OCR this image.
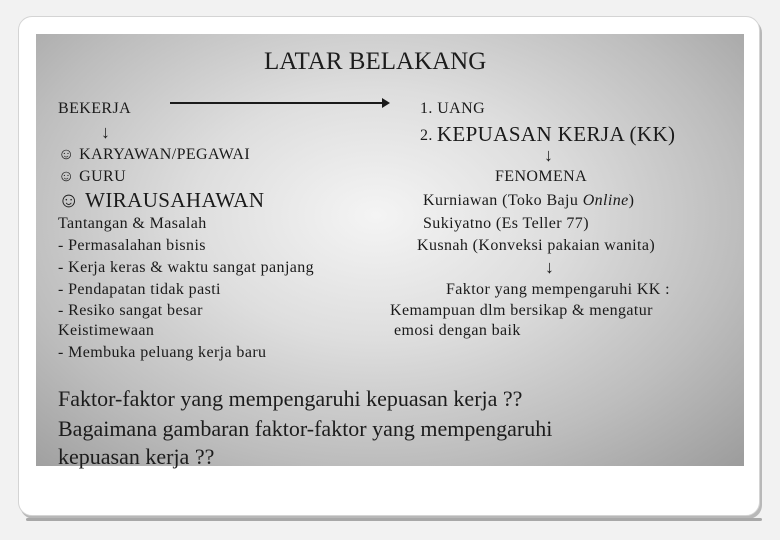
LATAR BELAKANG
BEKERJA
↓
☺ KARYAWAN/PEGAWAI
☺ GURU
☺ WIRAUSAHAWAN
Tantangan & Masalah
- Permasalahan bisnis
- Kerja keras & waktu sangat panjang
- Pendapatan tidak pasti
- Resiko sangat besar
Keistimewaan
- Membuka peluang kerja baru
1. UANG
2. KEPUASAN KERJA (KK)
↓
FENOMENA
Kurniawan (Toko Baju Online)
Sukiyatno (Es Teller 77)
Kusnah (Konveksi pakaian wanita)
↓
Faktor yang mempengaruhi KK :
Kemampuan dlm bersikap & mengatur
emosi dengan baik
Faktor-faktor yang mempengaruhi kepuasan kerja ??
Bagaimana gambaran faktor-faktor yang mempengaruhi
kepuasan kerja ??
